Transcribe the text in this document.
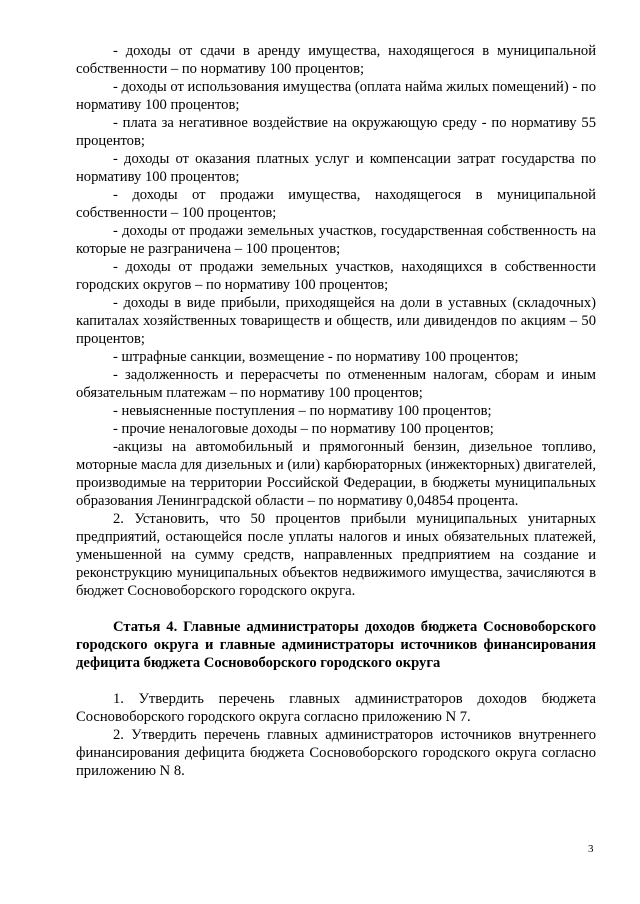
- доходы от сдачи в аренду имущества, находящегося в муниципальной собственности – по нормативу 100 процентов;

- доходы от использования имущества (оплата найма жилых помещений) - по нормативу 100 процентов;

- плата за негативное воздействие на окружающую среду - по нормативу 55 процентов;

- доходы от оказания платных услуг и компенсации затрат государства по нормативу 100 процентов;

- доходы от продажи имущества, находящегося в муниципальной собственности – 100 процентов;

- доходы от продажи земельных участков, государственная собственность на которые не разграничена – 100 процентов;

- доходы от продажи земельных участков, находящихся в собственности городских округов – по нормативу 100 процентов;

- доходы в виде прибыли, приходящейся на доли в уставных (складочных) капиталах хозяйственных товариществ и обществ, или дивидендов по акциям – 50 процентов;

- штрафные санкции, возмещение - по нормативу 100 процентов;

- задолженность и перерасчеты по отмененным налогам, сборам и иным обязательным платежам – по нормативу 100 процентов;

- невыясненные поступления – по нормативу 100 процентов;

- прочие неналоговые доходы – по нормативу 100 процентов;

-акцизы на автомобильный и прямогонный бензин, дизельное топливо, моторные масла для дизельных и (или) карбюраторных (инжекторных) двигателей, производимые на территории Российской Федерации, в бюджеты муниципальных образования Ленинградской области – по нормативу 0,04854 процента.

2. Установить, что 50 процентов прибыли муниципальных унитарных предприятий, остающейся после уплаты налогов и иных обязательных платежей, уменьшенной на сумму средств, направленных предприятием на создание и реконструкцию муниципальных объектов недвижимого имущества, зачисляются в бюджет Сосновоборского городского округа.

Статья 4. Главные администраторы доходов бюджета Сосновоборского городского округа и главные администраторы источников финансирования дефицита бюджета Сосновоборского городского округа

1. Утвердить перечень главных администраторов доходов бюджета Сосновоборского городского округа согласно приложению N 7.

2. Утвердить перечень главных администраторов источников внутреннего финансирования дефицита бюджета Сосновоборского городского округа согласно приложению N 8.

3
